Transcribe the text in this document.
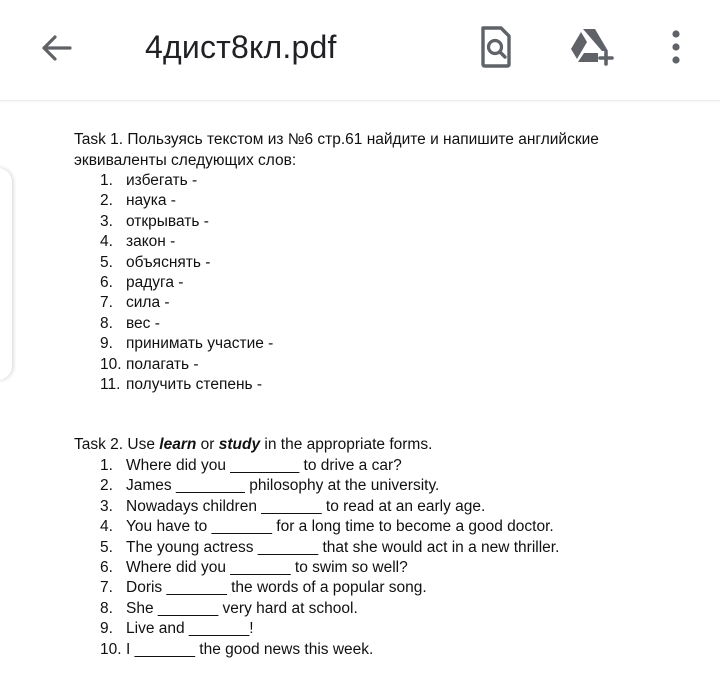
4дист8кл.pdf
Task 1. Пользуясь текстом из №6 стр.61 найдите и напишите английские
эквиваленты следующих слов:
1. избегать -
2. наука -
3. открывать -
4. закон -
5. объяснять -
6. радуга -
7. сила -
8. вес -
9. принимать участие -
10. полагать -
11. получить степень -
Task 2. Use learn or study in the appropriate forms.
1. Where did you ________ to drive a car?
2. James ________ philosophy at the university.
3. Nowadays children _______ to read at an early age.
4. You have to _______ for a long time to become a good doctor.
5. The young actress _______ that she would act in a new thriller.
6. Where did you _______ to swim so well?
7. Doris _______ the words of a popular song.
8. She _______ very hard at school.
9. Live and _______!
10. I _______ the good news this week.
